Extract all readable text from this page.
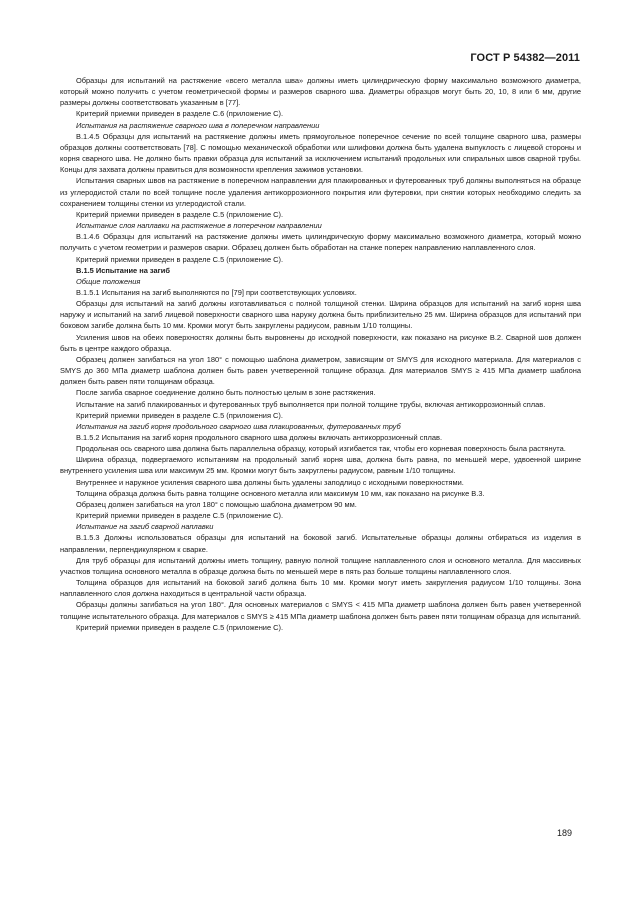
ГОСТ Р 54382—2011

Образцы для испытаний на растяжение «всего металла шва» должны иметь цилиндрическую форму максимально возможного диаметра, который можно получить с учетом геометрической формы и размеров сварного шва. Диаметры образцов могут быть 20, 10, 8 или 6 мм, другие размеры должны соответствовать указанным в [77].

Критерий приемки приведен в разделе С.6 (приложение С).

Испытания на растяжение сварного шва в поперечном направлении

В.1.4.5 Образцы для испытаний на растяжение должны иметь прямоугольное поперечное сечение по всей толщине сварного шва, размеры образцов должны соответствовать [78]. С помощью механической обработки или шлифовки должна быть удалена выпуклость с лицевой стороны и корня сварного шва. Не должно быть правки образца для испытаний за исключением испытаний продольных или спиральных швов сварной трубы. Концы для захвата должны правиться для возможности крепления зажимов установки.

Испытания сварных швов на растяжение в поперечном направлении для плакированных и футерованных труб должны выполняться на образце из углеродистой стали по всей толщине после удаления антикоррозионного покрытия или футеровки, при снятии которых необходимо следить за сохранением толщины стенки из углеродистой стали.

Критерий приемки приведен в разделе С.5 (приложение С).

Испытание слоя наплавки на растяжение в поперечном направлении

В.1.4.6 Образцы для испытаний на растяжение должны иметь цилиндрическую форму максимально возможного диаметра, который можно получить с учетом геометрии и размеров сварки. Образец должен быть обработан на станке поперек направлению наплавленного слоя.

Критерий приемки приведен в разделе С.5 (приложение С).

В.1.5 Испытание на загиб

Общие положения

В.1.5.1 Испытания на загиб выполняются по [79] при соответствующих условиях.

Образцы для испытаний на загиб должны изготавливаться с полной толщиной стенки. Ширина образцов для испытаний на загиб корня шва наружу и испытаний на загиб лицевой поверхности сварного шва наружу должна быть приблизительно 25 мм. Ширина образцов для испытаний при боковом загибе должна быть 10 мм. Кромки могут быть закруглены радиусом, равным 1/10 толщины.

Усиления швов на обеих поверхностях должны быть выровнены до исходной поверхности, как показано на рисунке В.2. Сварной шов должен быть в центре каждого образца.

Образец должен загибаться на угол 180° с помощью шаблона диаметром, зависящим от SMYS для исходного материала. Для материалов с SMYS до 360 МПа диаметр шаблона должен быть равен учетверенной толщине образца. Для материалов SMYS ≥ 415 МПа диаметр шаблона должен быть равен пяти толщинам образца.

После загиба сварное соединение должно быть полностью целым в зоне растяжения.

Испытание на загиб плакированных и футерованных труб выполняется при полной толщине трубы, включая антикоррозионный сплав.

Критерий приемки приведен в разделе С.5 (приложения С).

Испытания на загиб корня продольного сварного шва плакированных, футерованных труб

В.1.5.2 Испытания на загиб корня продольного сварного шва должны включать антикоррозионный сплав.

Продольная ось сварного шва должна быть параллельна образцу, который изгибается так, чтобы его корневая поверхность была растянута.

Ширина образца, подвергаемого испытаниям на продольный загиб корня шва, должна быть равна, по меньшей мере, удвоенной ширине внутреннего усиления шва или максимум 25 мм. Кромки могут быть закруглены радиусом, равным 1/10 толщины.

Внутреннее и наружное усиления сварного шва должны быть удалены заподлицо с исходными поверхностями.

Толщина образца должна быть равна толщине основного металла или максимум 10 мм, как показано на рисунке В.3.

Образец должен загибаться на угол 180° с помощью шаблона диаметром 90 мм.

Критерий приемки приведен в разделе С.5 (приложение С).

Испытание на загиб сварной наплавки

В.1.5.3 Должны использоваться образцы для испытаний на боковой загиб. Испытательные образцы должны отбираться из изделия в направлении, перпендикулярном к сварке.

Для труб образцы для испытаний должны иметь толщину, равную полной толщине наплавленного слоя и основного металла. Для массивных участков толщина основного металла в образце должна быть по меньшей мере в пять раз больше толщины наплавленного слоя.

Толщина образцов для испытаний на боковой загиб должна быть 10 мм. Кромки могут иметь закругления радиусом 1/10 толщины. Зона наплавленного слоя должна находиться в центральной части образца.

Образцы должны загибаться на угол 180°. Для основных материалов с SMYS < 415 МПа диаметр шаблона должен быть равен учетверенной толщине испытательного образца. Для материалов с SMYS ≥ 415 МПа диаметр шаблона должен быть равен пяти толщинам образца для испытаний.

Критерий приемки приведен в разделе С.5 (приложение С).

189
